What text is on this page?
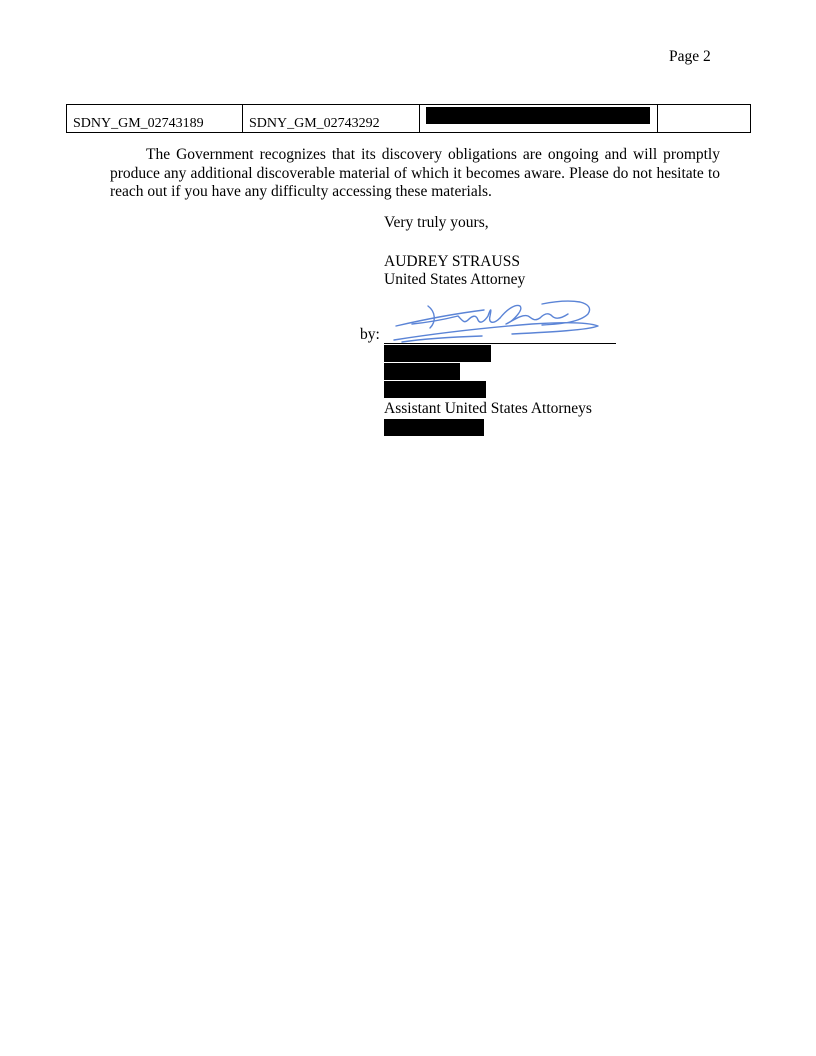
Page 2
SDNY_GM_02743189	SDNY_GM_02743292		

The Government recognizes that its discovery obligations are ongoing and will promptly produce any additional discoverable material of which it becomes aware. Please do not hesitate to reach out if you have any difficulty accessing these materials.

Very truly yours,
AUDREY STRAUSS
United States Attorney
by:
Assistant United States Attorneys
